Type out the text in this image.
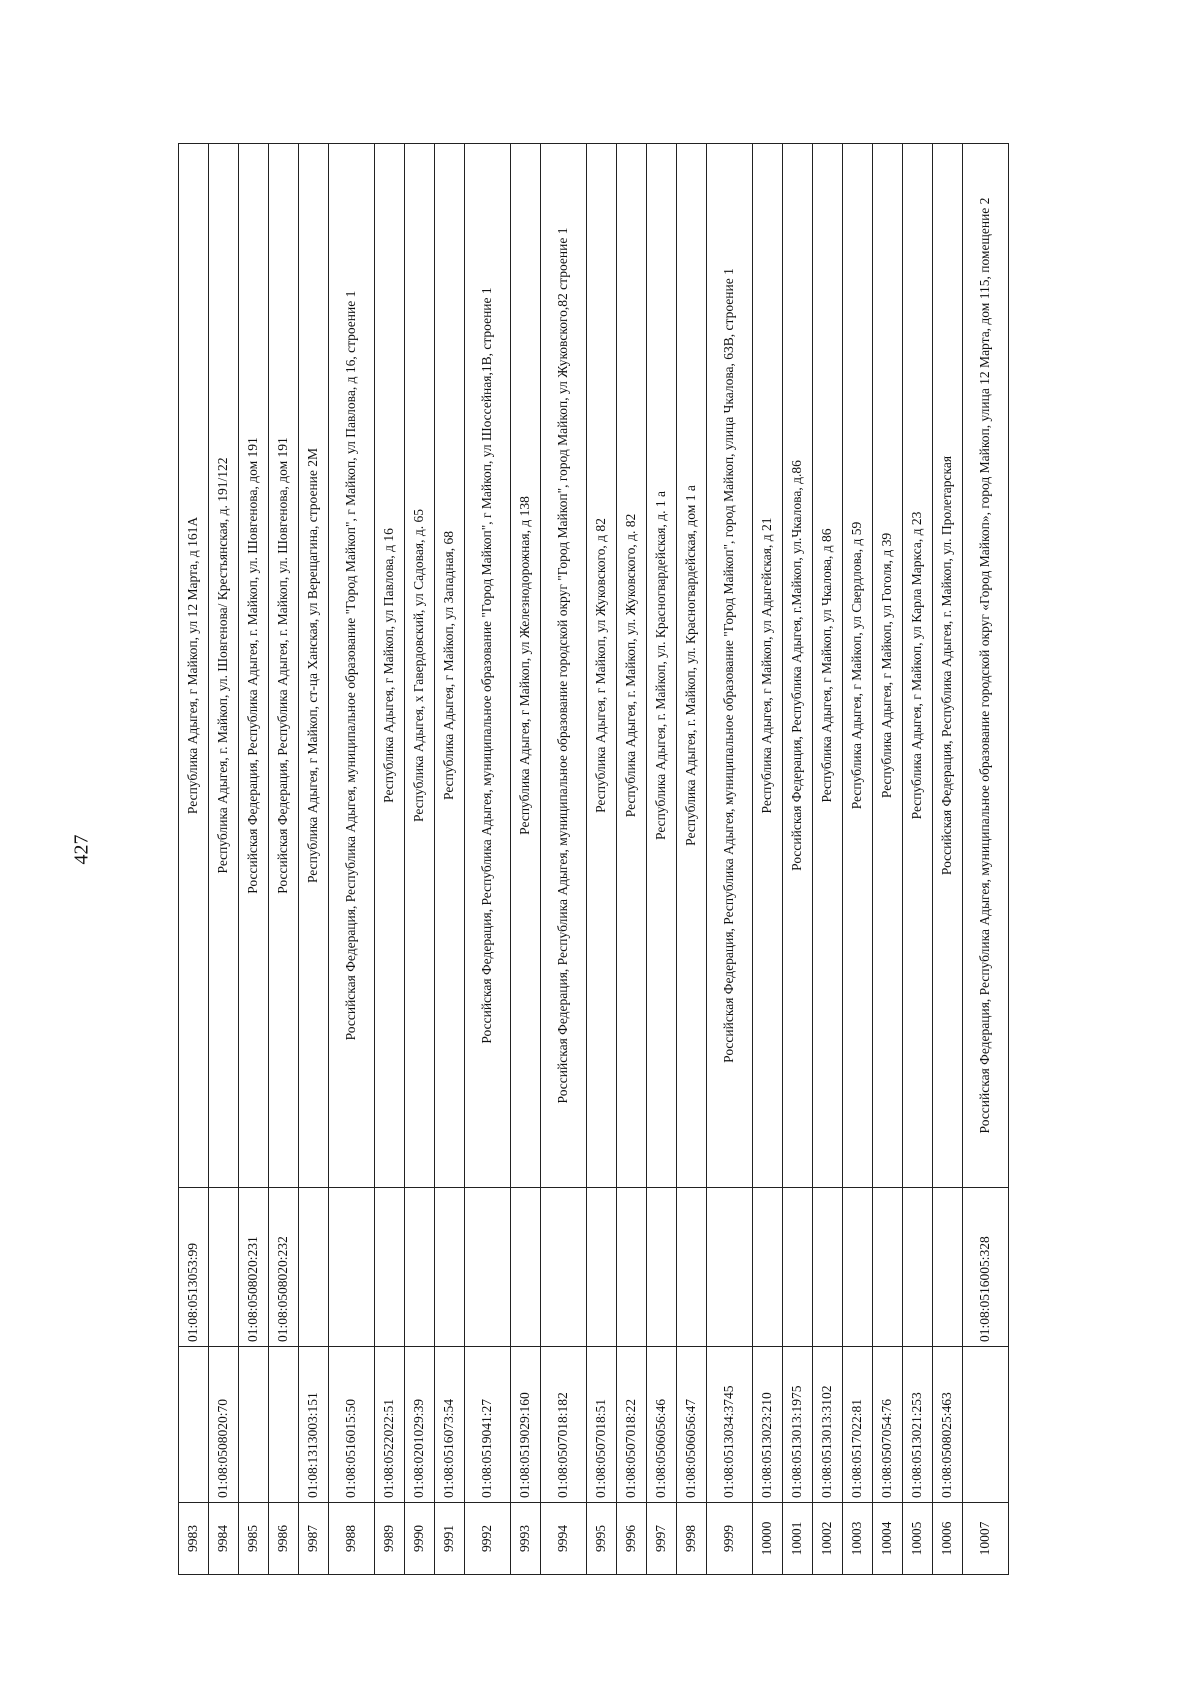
427
9983		01:08:0513053:99	Республика Адыгея, г Майкоп, ул 12 Марта, д 161А
9984	01:08:0508020:70		Республика Адыгея, г. Майкоп, ул. Шовгенова/ Крестьянская, д. 191/122
9985		01:08:0508020:231	Российская Федерация, Республика Адыгея, г. Майкоп, ул. Шовгенова, дом 191
9986		01:08:0508020:232	Российская Федерация, Республика Адыгея, г. Майкоп, ул. Шовгенова, дом 191
9987	01:08:1313003:151		Республика Адыгея, г Майкоп, ст-ца Ханская, ул Верещагина, строение 2М
9988	01:08:0516015:50		Российская Федерация, Республика Адыгея, муниципальное образование "Город Майкоп", г Майкоп, ул Павлова, д 16, строение 1
9989	01:08:0522022:51		Республика Адыгея, г Майкоп, ул Павлова, д 16
9990	01:08:0201029:39		Республика Адыгея, х Гавердовский, ул Садовая, д. 65
9991	01:08:0516073:54		Республика Адыгея, г Майкоп, ул Западная, 68
9992	01:08:0519041:27		Российская Федерация, Республика Адыгея, муниципальное образование "Город Майкоп", г Майкоп, ул Шоссейная,1В, строение 1
9993	01:08:0519029:160		Республика Адыгея, г Майкоп, ул Железнодорожная, д 138
9994	01:08:0507018:182		Российская Федерация, Республика Адыгея, муниципальное образование городской округ "Город Майкоп", город Майкоп, ул Жуковского,82 строение 1
9995	01:08:0507018:51		Республика Адыгея, г Майкоп, ул Жуковского, д 82
9996	01:08:0507018:22		Республика Адыгея, г. Майкоп, ул. Жуковского, д. 82
9997	01:08:0506056:46		Республика Адыгея, г. Майкоп, ул. Красногвардейская, д. 1 а
9998	01:08:0506056:47		Республика Адыгея, г. Майкоп, ул. Красногвардейская, дом 1 а
9999	01:08:0513034:3745		Российская Федерация, Республика Адыгея, муниципальное образование "Город Майкоп", город Майкоп, улица Чкалова, 63В, строение 1
10000	01:08:0513023:210		Республика Адыгея, г Майкоп, ул Адыгейская, д 21
10001	01:08:0513013:1975		Российская Федерация, Республика Адыгея, г.Майкоп, ул.Чкалова, д.86
10002	01:08:0513013:3102		Республика Адыгея, г Майкоп, ул Чкалова, д 86
10003	01:08:0517022:81		Республика Адыгея, г Майкоп, ул Свердлова, д 59
10004	01:08:0507054:76		Республика Адыгея, г Майкоп, ул Гоголя, д 39
10005	01:08:0513021:253		Республика Адыгея, г Майкоп, ул Карла Маркса, д 23
10006	01:08:0508025:463		Российская Федерация, Республика Адыгея, г. Майкоп, ул. Пролетарская
10007		01:08:0516005:328	Российская Федерация, Республика Адыгея, муниципальное образование городской округ «Город Майкоп», город Майкоп, улица 12 Марта, дом 115, помещение 2
